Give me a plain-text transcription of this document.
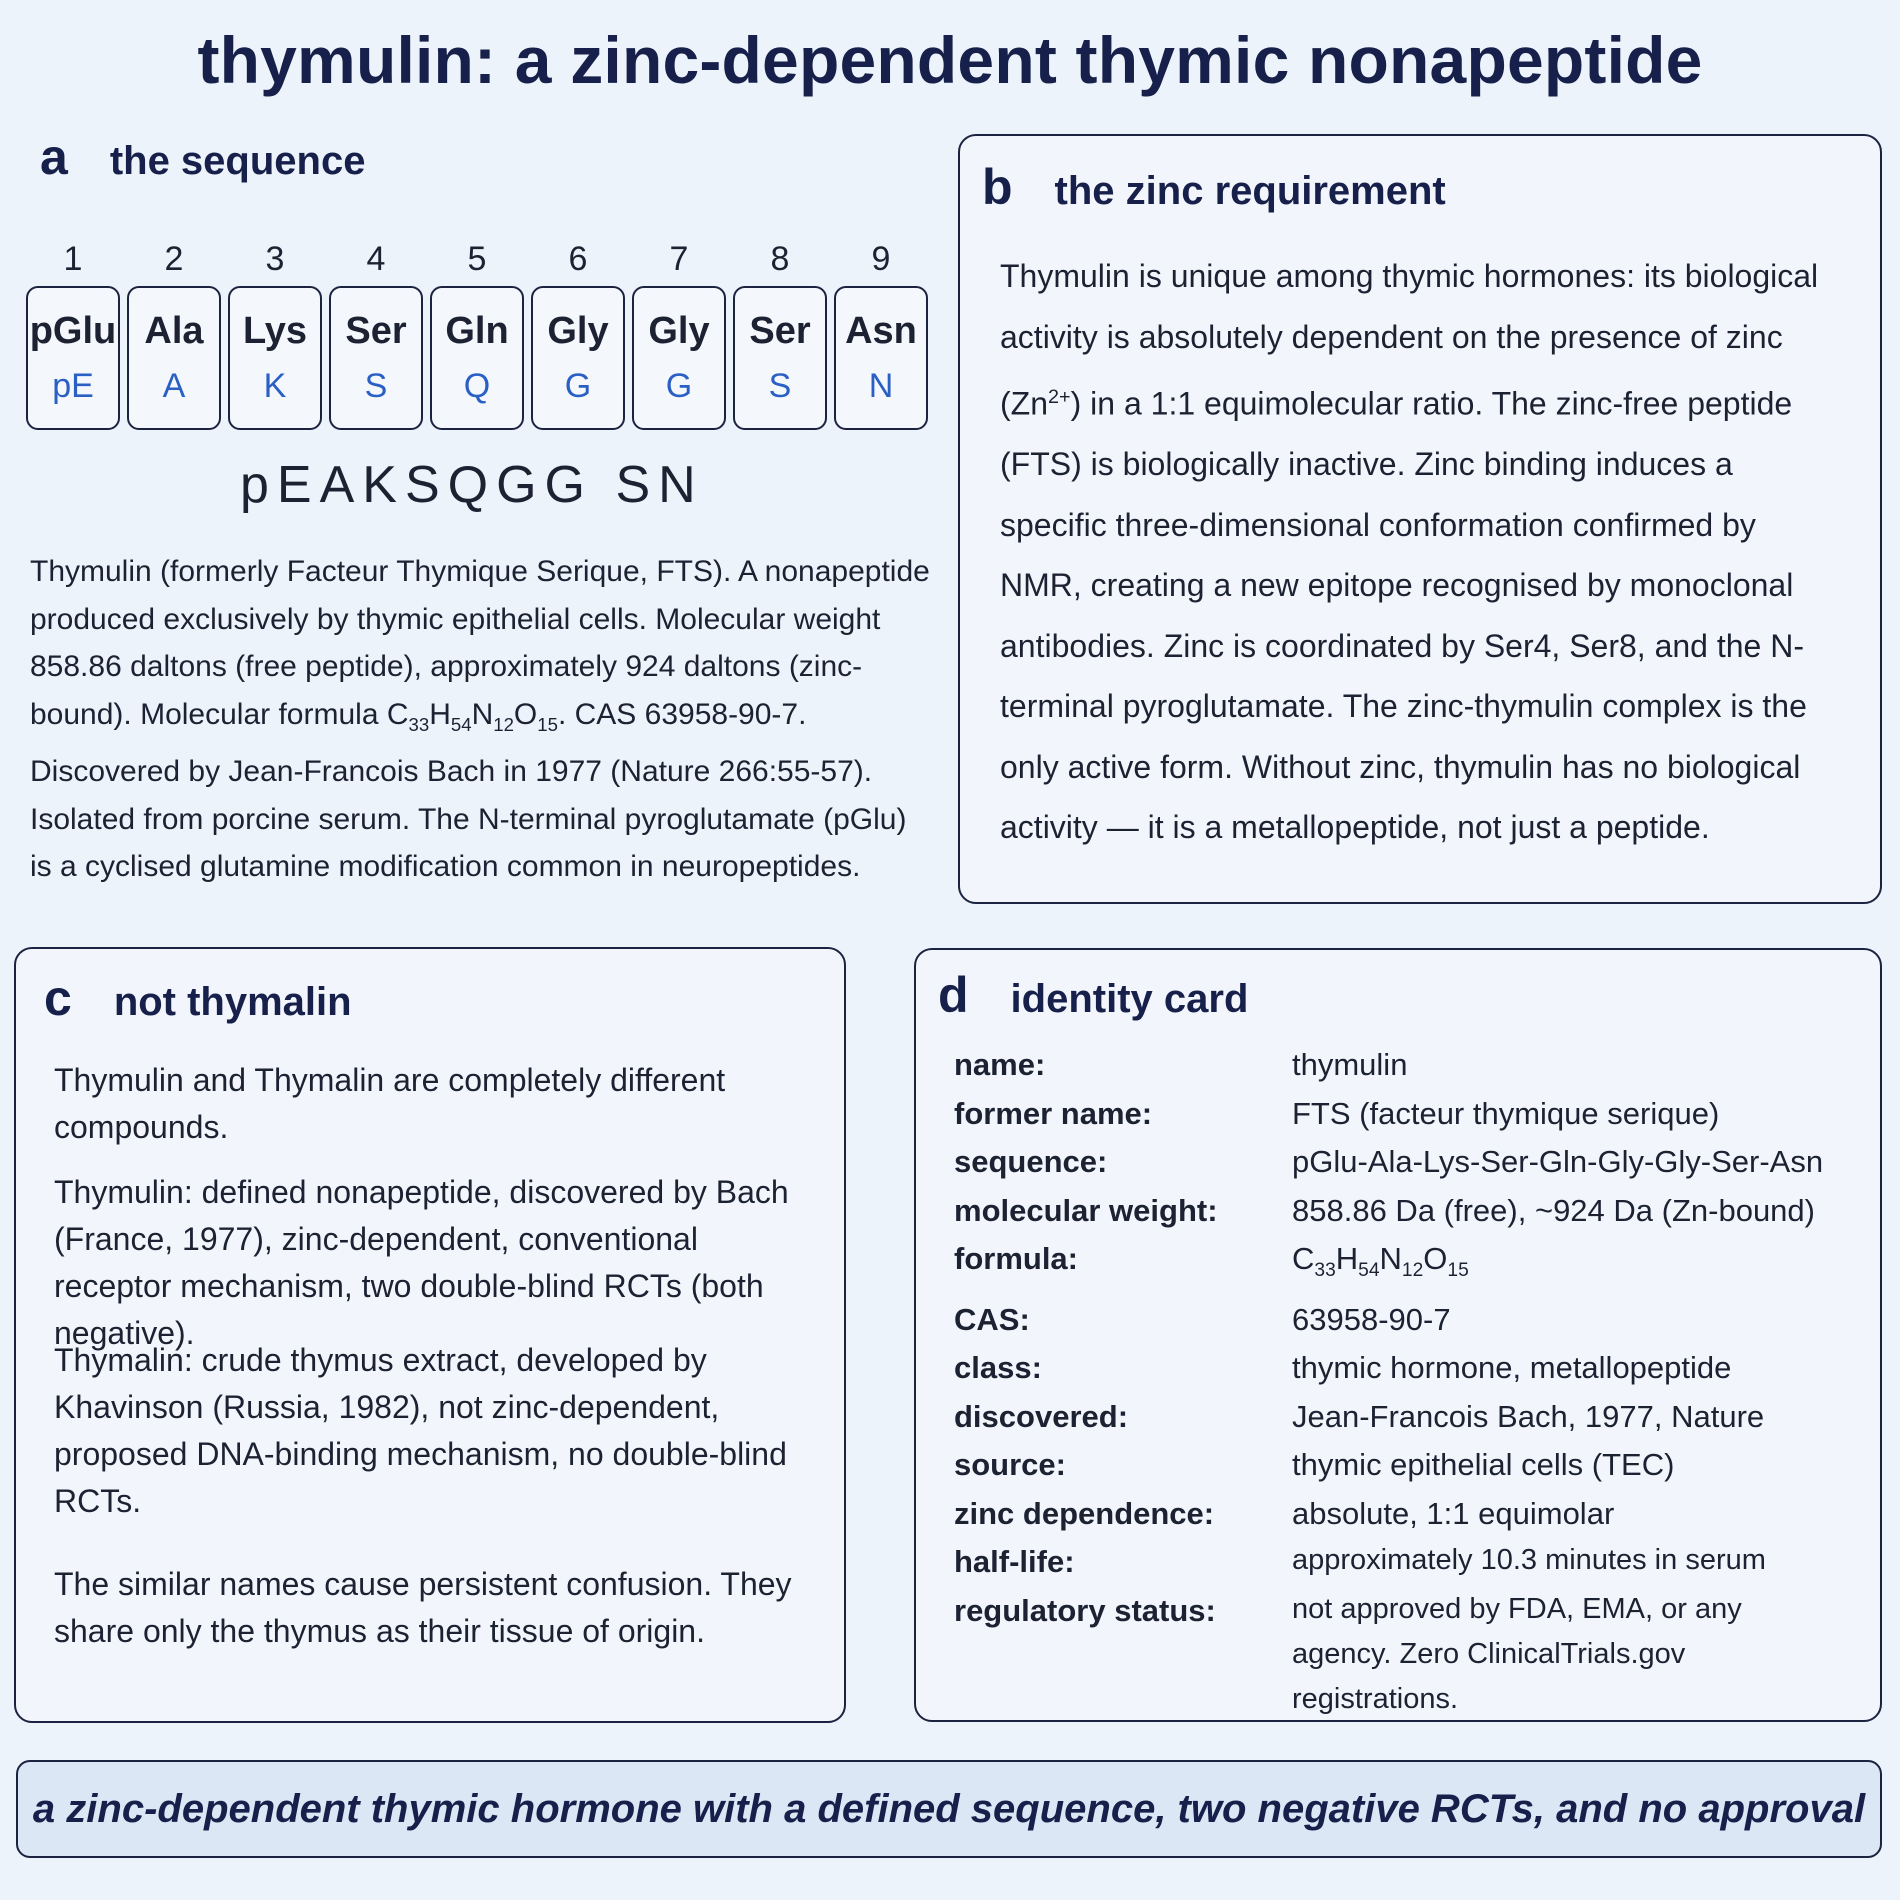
thymulin: a zinc-dependent thymic nonapeptide
a the sequence
1
pGlu
pE
2
Ala
A
3
Lys
K
4
Ser
S
5
Gln
Q
6
Gly
G
7
Gly
G
8
Ser
S
9
Asn
N
pEAKSQGG SN
Thymulin (formerly Facteur Thymique Serique, FTS). A nonapeptide produced exclusively by thymic epithelial cells. Molecular weight 858.86 daltons (free peptide), approximately 924 daltons (zinc-bound). Molecular formula $C_{33}H_{54}N_{12}O_{15}$. CAS 63958-90-7. Discovered by Jean-Francois Bach in 1977 (Nature 266:55-57). Isolated from porcine serum. The N-terminal pyroglutamate (pGlu) is a cyclised glutamine modification common in neuropeptides.
b the zinc requirement
Thymulin is unique among thymic hormones: its biological activity is absolutely dependent on the presence of zinc $(Zn^{2+})$ in a 1:1 equimolecular ratio. The zinc-free peptide (FTS) is biologically inactive. Zinc binding induces a specific three-dimensional conformation confirmed by NMR, creating a new epitope recognised by monoclonal antibodies. Zinc is coordinated by Ser4, Ser8, and the N-terminal pyroglutamate. The zinc-thymulin complex is the only active form. Without zinc, thymulin has no biological activity — it is a metallopeptide, not just a peptide.
c not thymalin
Thymulin and Thymalin are completely different compounds.
Thymulin: defined nonapeptide, discovered by Bach (France, 1977), zinc-dependent, conventional receptor mechanism, two double-blind RCTs (both negative).
Thymalin: crude thymus extract, developed by Khavinson (Russia, 1982), not zinc-dependent, proposed DNA-binding mechanism, no double-blind RCTs.
The similar names cause persistent confusion. They share only the thymus as their tissue of origin.
d identity card
name:	thymulin
former name:	FTS (facteur thymique serique)
sequence:	pGlu-Ala-Lys-Ser-Gln-Gly-Gly-Ser-Asn
molecular weight:	858.86 Da (free), ~924 Da (Zn-bound)
formula:	$C_{33}H_{54}N_{12}O_{15}$
CAS:	63958-90-7
class:	thymic hormone, metallopeptide
discovered:	Jean-Francois Bach, 1977, Nature
source:	thymic epithelial cells (TEC)
zinc dependence:	absolute, 1:1 equimolar
half-life:	approximately 10.3 minutes in serum
regulatory status:	not approved by FDA, EMA, or any agency. Zero ClinicalTrials.gov registrations.
a zinc-dependent thymic hormone with a defined sequence, two negative RCTs, and no approval
